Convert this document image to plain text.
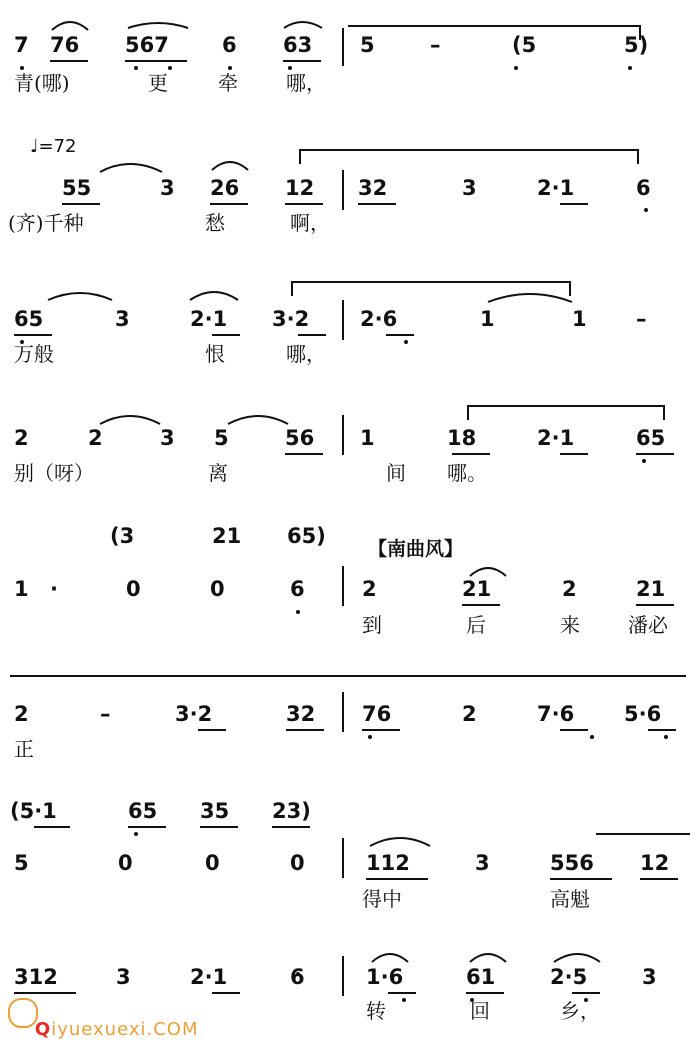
♩=72
【南曲风】

Qiyuexuexi.COM

7 76 567	6 63 5	–	(5	5)
青(哪)	更	牵 哪，
55	3 26 12 32	3	2·1	6
(齐)千种	愁	啊，
65	3	2·1 3·2 2·6	1	1 –
万般	恨	哪，
2	2	3 5	56 1	18	2·1	65
别（呀）	离	间 哪。
1 ·	0	0	6	2	21	2	21
到	后	来 潘必
(3	21 65)
2	–	3·2	32 76	2	7·6 5·6
正
5	0	0	0	112	3	556 12
得中	高魁
(5·1	65 35 23)
312	3	2·1	6	1·6	61	2·5	3
转	回	乡，
